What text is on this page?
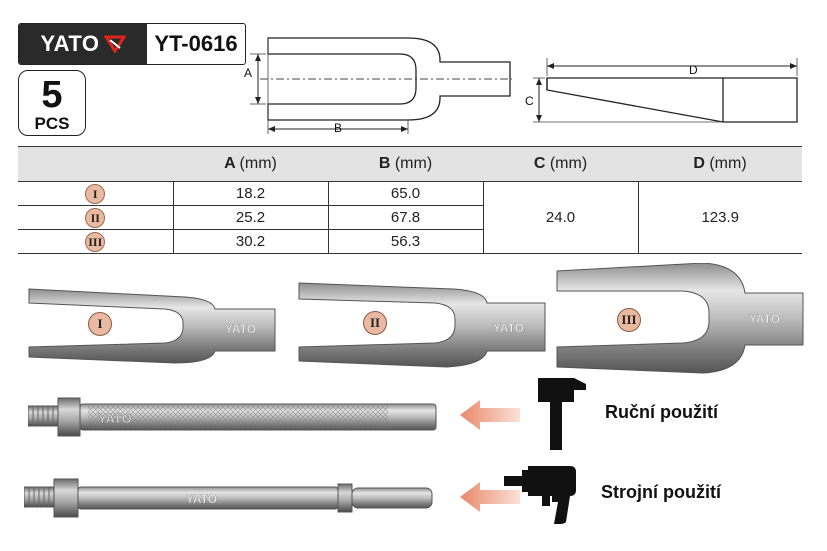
YATO	YT-0616
5
PCS
A
B
D
C
	A (mm)	B (mm)	C (mm)	D (mm)
I	18.2	65.0	24.0	123.9
II	25.2	67.8		
III	30.2	56.3		
YATO
I	YATO
II	YATO
III
YATO
YATO
Ruční použití
Strojní použití
